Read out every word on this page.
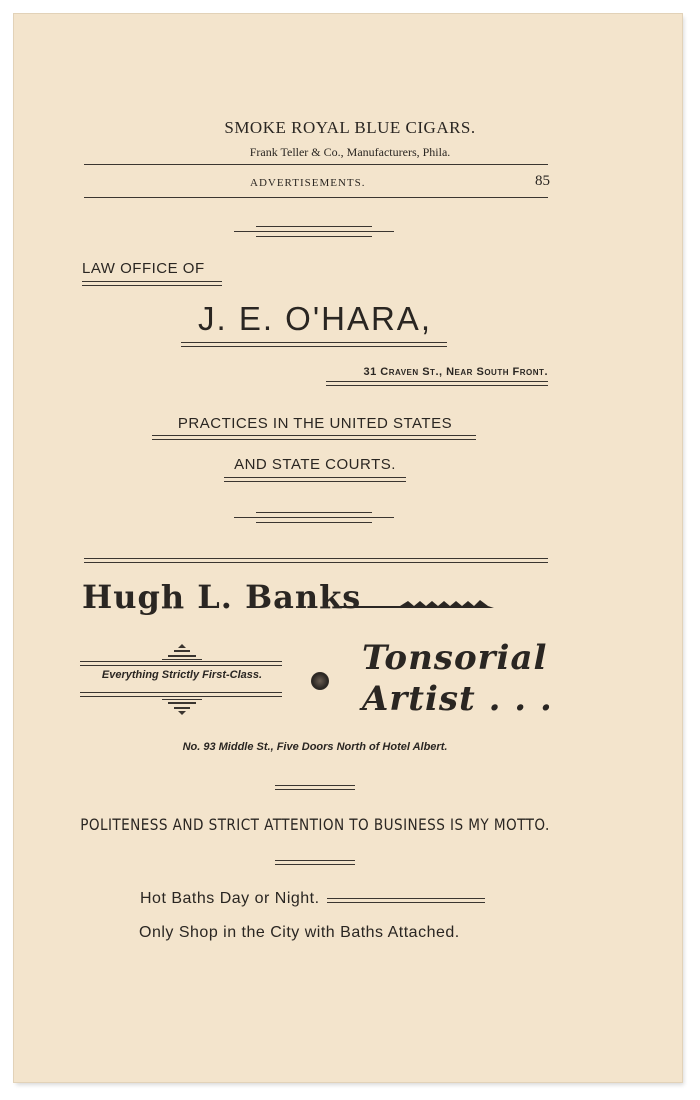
SMOKE ROYAL BLUE CIGARS.
Frank Teller & Co., Manufacturers, Phila.
ADVERTISEMENTS.	85
LAW OFFICE OF
J. E. O'HARA,
31 Craven St., Near South Front.
PRACTICES IN THE UNITED STATES
AND STATE COURTS.
Hugh L. Banks
Everything Strictly First-Class.	Tonsorial
Artist . . .
No. 93 Middle St., Five Doors North of Hotel Albert.
POLITENESS AND STRICT ATTENTION TO BUSINESS IS MY MOTTO.
Hot Baths Day or Night.
Only Shop in the City with Baths Attached.
